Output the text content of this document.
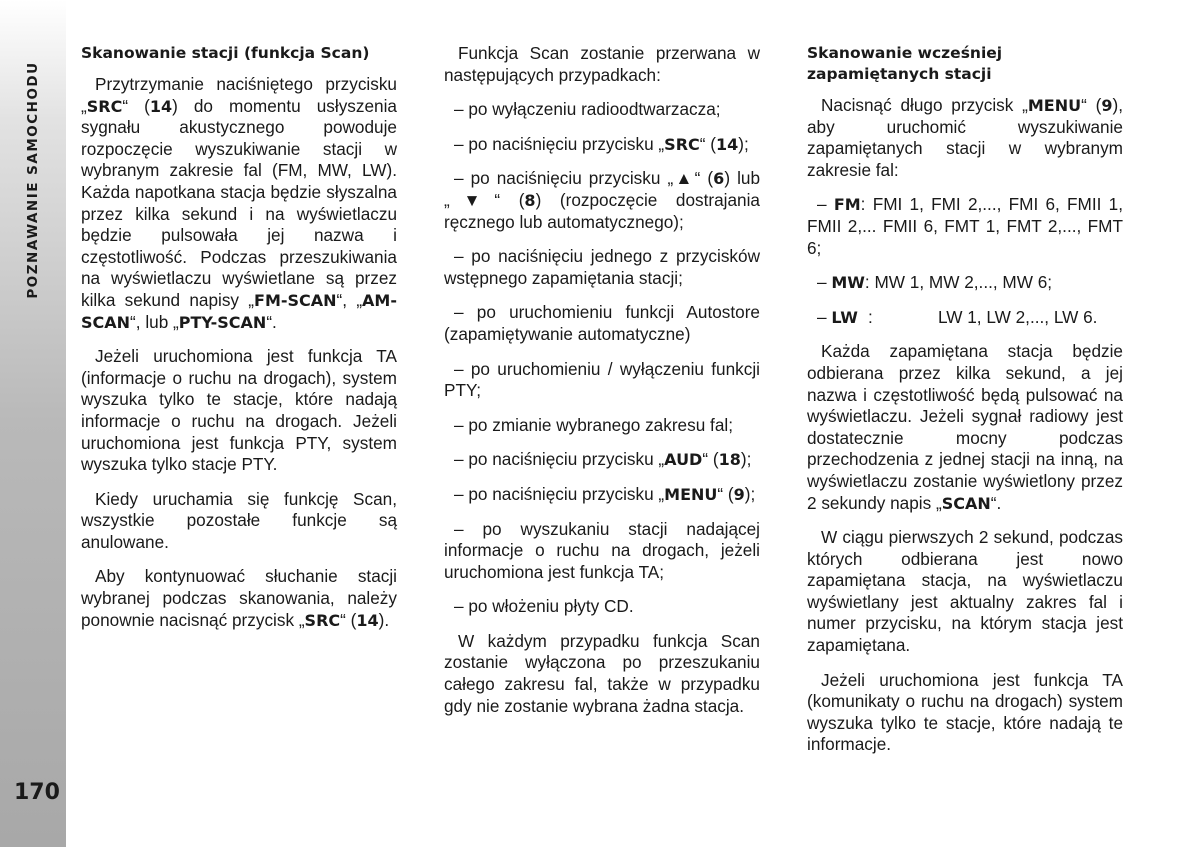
POZNAWANIE SAMOCHODU
170
Skanowanie stacji (funkcja Scan)

Przytrzymanie naciśniętego przycisku „SRC“ (14) do momentu usłyszenia sygnału akustycznego powoduje rozpoczęcie wyszukiwanie stacji w wybranym zakresie fal (FM, MW, LW). Każda napotkana stacja będzie słyszalna przez kilka sekund i na wyświetlaczu będzie pulsowała jej nazwa i częstotliwość. Podczas przeszukiwania na wyświetlaczu wyświetlane są przez kilka sekund napisy „FM-SCAN“, „AM-SCAN“, lub „PTY-SCAN“.

Jeżeli uruchomiona jest funkcja TA (informacje o ruchu na drogach), system wyszuka tylko te stacje, które nadają informacje o ruchu na drogach. Jeżeli uruchomiona jest funkcja PTY, system wyszuka tylko stacje PTY.

Kiedy uruchamia się funkcję Scan, wszystkie pozostałe funkcje są anulowane.

Aby kontynuować słuchanie stacji wybranej podczas skanowania, należy ponownie nacisnąć przycisk „SRC“ (14).

Funkcja Scan zostanie przerwana w następujących przypadkach:

– po wyłączeniu radioodtwarzacza;

– po naciśnięciu przycisku „SRC“ (14);

– po naciśnięciu przycisku „▲“ (6) lub „▼“ (8) (rozpoczęcie dostrajania ręcznego lub automatycznego);

– po naciśnięciu jednego z przycisków wstępnego zapamiętania stacji;

– po uruchomieniu funkcji Autostore (zapamiętywanie automatyczne)

– po uruchomieniu / wyłączeniu funkcji PTY;

– po zmianie wybranego zakresu fal;

– po naciśnięciu przycisku „AUD“ (18);

– po naciśnięciu przycisku „MENU“ (9);

– po wyszukaniu stacji nadającej informacje o ruchu na drogach, jeżeli uruchomiona jest funkcja TA;

– po włożeniu płyty CD.

W każdym przypadku funkcja Scan zostanie wyłączona po przeszukaniu całego zakresu fal, także w przypadku gdy nie zostanie wybrana żadna stacja.

Skanowanie wcześniej zapamiętanych stacji

Nacisnąć długo przycisk „MENU“ (9), aby uruchomić wyszukiwanie zapamiętanych stacji w wybranym zakresie fal:

– FM: FMI 1, FMI 2,..., FMI 6, FMII 1, FMII 2,... FMII 6, FMT 1, FMT 2,..., FMT 6;

– MW: MW 1, MW 2,..., MW 6;

– LW :	LW 1, LW 2,..., LW 6.

Każda zapamiętana stacja będzie odbierana przez kilka sekund, a jej nazwa i częstotliwość będą pulsować na wyświetlaczu. Jeżeli sygnał radiowy jest dostatecznie mocny podczas przechodzenia z jednej stacji na inną, na wyświetlaczu zostanie wyświetlony przez 2 sekundy napis „SCAN“.

W ciągu pierwszych 2 sekund, podczas których odbierana jest nowo zapamiętana stacja, na wyświetlaczu wyświetlany jest aktualny zakres fal i numer przycisku, na którym stacja jest zapamiętana.

Jeżeli uruchomiona jest funkcja TA (komunikaty o ruchu na drogach) system wyszuka tylko te stacje, które nadają te informacje.
